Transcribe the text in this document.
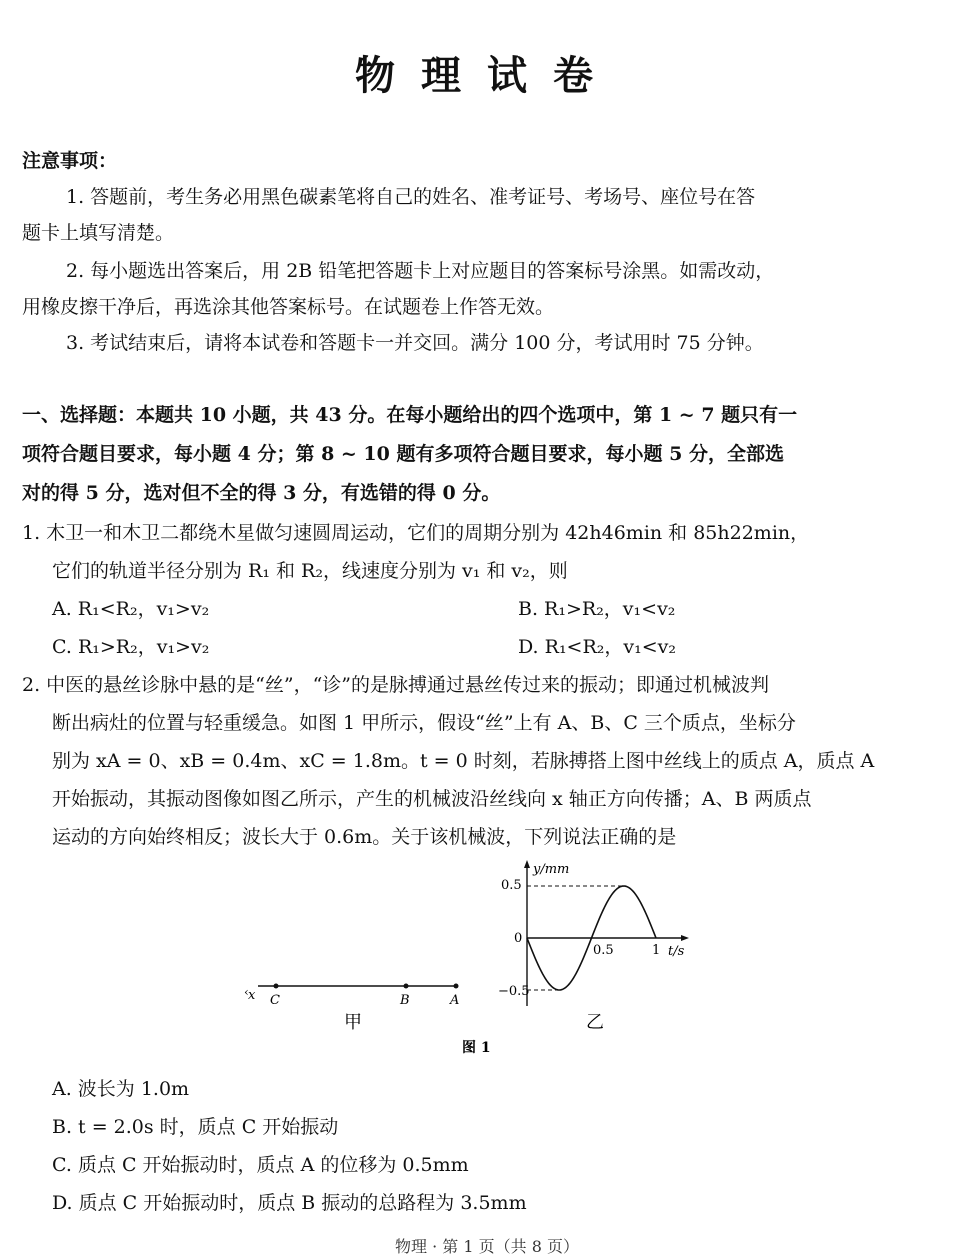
物理试卷
注意事项：
1. 答题前，考生务必用黑色碳素笔将自己的姓名、准考证号、考场号、座位号在答
题卡上填写清楚。
2. 每小题选出答案后，用 2B 铅笔把答题卡上对应题目的答案标号涂黑。如需改动，
用橡皮擦干净后，再选涂其他答案标号。在试题卷上作答无效。
3. 考试结束后，请将本试卷和答题卡一并交回。满分 100 分，考试用时 75 分钟。
一、选择题：本题共 10 小题，共 43 分。在每小题给出的四个选项中，第 1 ~ 7 题只有一
项符合题目要求，每小题 4 分；第 8 ~ 10 题有多项符合题目要求，每小题 5 分，全部选
对的得 5 分，选对但不全的得 3 分，有选错的得 0 分。
1. 木卫一和木卫二都绕木星做匀速圆周运动，它们的周期分别为 42h46min 和 85h22min，
它们的轨道半径分别为 R₁ 和 R₂，线速度分别为 v₁ 和 v₂，则
A. R₁<R₂，v₁>v₂	B. R₁>R₂，v₁<v₂
C. R₁>R₂，v₁>v₂	D. R₁<R₂，v₁<v₂
2. 中医的悬丝诊脉中悬的是“丝”，“诊”的是脉搏通过悬丝传过来的振动；即通过机械波判
断出病灶的位置与轻重缓急。如图 1 甲所示，假设“丝”上有 A、B、C 三个质点，坐标分
别为 xA = 0、xB = 0.4m、xC = 1.8m。t = 0 时刻，若脉搏搭上图中丝线上的质点 A，质点 A
开始振动，其振动图像如图乙所示，产生的机械波沿丝线向 x 轴正方向传播；A、B 两质点
运动的方向始终相反；波长大于 0.6m。关于该机械波，下列说法正确的是
x
‹
C	B	A
甲
y/mm
t/s
0.5
0
−0.5
0.5	1
乙
图 1
A. 波长为 1.0m
B. t = 2.0s 时，质点 C 开始振动
C. 质点 C 开始振动时，质点 A 的位移为 0.5mm
D. 质点 C 开始振动时，质点 B 振动的总路程为 3.5mm
物理 · 第 1 页（共 8 页）
